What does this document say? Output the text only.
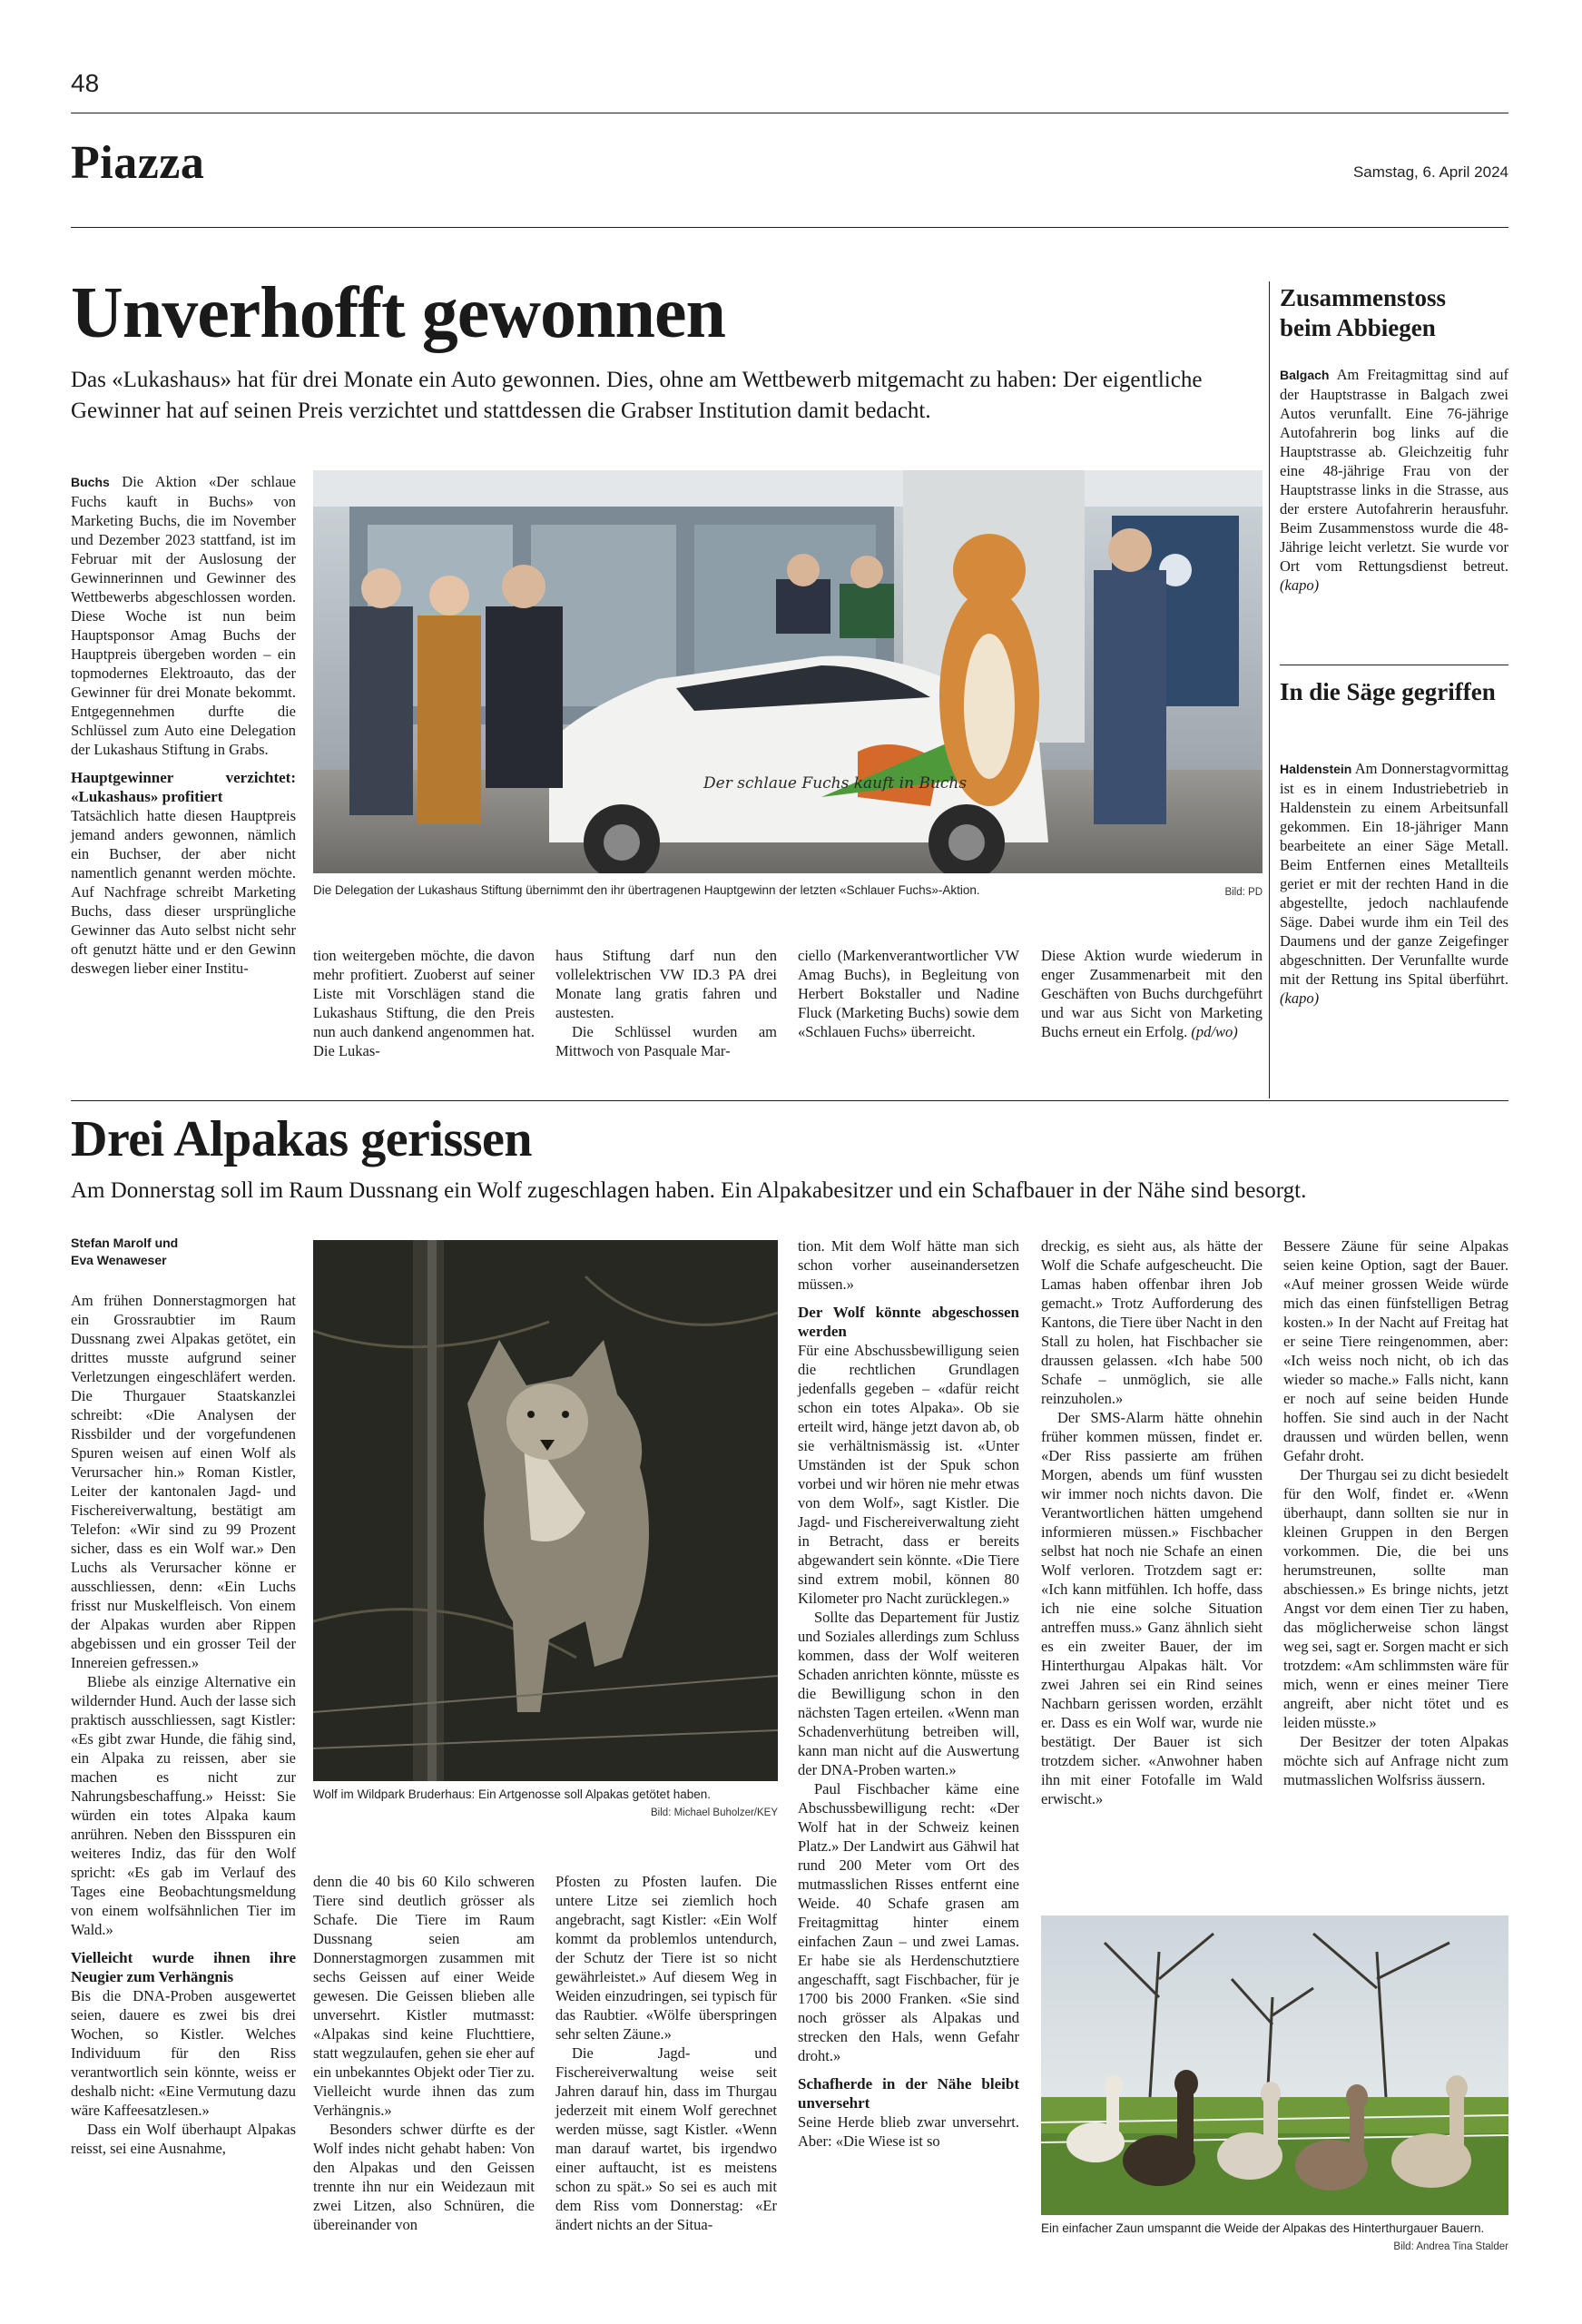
48
Piazza	Samstag, 6. April 2024
Unverhofft gewonnen
Das «Lukashaus» hat für drei Monate ein Auto gewonnen. Dies, ohne am Wettbewerb mitgemacht zu haben: Der eigentliche Gewinner hat auf seinen Preis verzichtet und stattdessen die Grabser Institution damit bedacht.
Der schlaue Fuchs kauft in Buchs
Die Delegation der Lukashaus Stiftung übernimmt den ihr übertragenen Hauptgewinn der letzten «Schlauer Fuchs»-Aktion.	Bild: PD

Buchs Die Aktion «Der schlaue Fuchs kauft in Buchs» von Marketing Buchs, die im November und Dezember 2023 stattfand, ist im Februar mit der Auslosung der Gewinnerinnen und Gewinner des Wettbewerbs abgeschlossen worden. Diese Woche ist nun beim Hauptsponsor Amag Buchs der Hauptpreis übergeben worden – ein topmodernes Elektroauto, das der Gewinner für drei Monate bekommt. Entgegennehmen durfte die Schlüssel zum Auto eine Delegation der Lukashaus Stiftung in Grabs.

Hauptgewinner verzichtet: «Lukashaus» profitiert

Tatsächlich hatte diesen Hauptpreis jemand anders gewonnen, nämlich ein Buchser, der aber nicht namentlich genannt werden möchte. Auf Nachfrage schreibt Marketing Buchs, dass dieser ursprüngliche Gewinner das Auto selbst nicht sehr oft genutzt hätte und er den Gewinn deswegen lieber einer Institu-

tion weitergeben möchte, die davon mehr profitiert. Zuoberst auf seiner Liste mit Vorschlägen stand die Lukashaus Stiftung, die den Preis nun auch dankend angenommen hat. Die Lukas-

haus Stiftung darf nun den vollelektrischen VW ID.3 PA drei Monate lang gratis fahren und austesten.

Die Schlüssel wurden am Mittwoch von Pasquale Mar-

ciello (Markenverantwortlicher VW Amag Buchs), in Begleitung von Herbert Bokstaller und Nadine Fluck (Marketing Buchs) sowie dem «Schlauen Fuchs» überreicht.

Diese Aktion wurde wiederum in enger Zusammenarbeit mit den Geschäften von Buchs durchgeführt und war aus Sicht von Marketing Buchs erneut ein Erfolg. (pd/wo)

Zusammenstoss beim Abbiegen

Balgach Am Freitagmittag sind auf der Hauptstrasse in Balgach zwei Autos verunfallt. Eine 76-jährige Autofahrerin bog links auf die Hauptstrasse ab. Gleichzeitig fuhr eine 48-jährige Frau von der Hauptstrasse links in die Strasse, aus der erstere Autofahrerin herausfuhr. Beim Zusammenstoss wurde die 48-Jährige leicht verletzt. Sie wurde vor Ort vom Rettungsdienst betreut. (kapo)

In die Säge gegriffen

Haldenstein Am Donnerstagvormittag ist es in einem Industriebetrieb in Haldenstein zu einem Arbeitsunfall gekommen. Ein 18-jähriger Mann bearbeitete an einer Säge Metall. Beim Entfernen eines Metallteils geriet er mit der rechten Hand in die abgestellte, jedoch nachlaufende Säge. Dabei wurde ihm ein Teil des Daumens und der ganze Zeigefinger abgeschnitten. Der Verunfallte wurde mit der Rettung ins Spital überführt. (kapo)

Drei Alpakas gerissen
Am Donnerstag soll im Raum Dussnang ein Wolf zugeschlagen haben. Ein Alpakabesitzer und ein Schafbauer in der Nähe sind besorgt.
Stefan Marolf und
Eva Wenaweser
Wolf im Wildpark Bruderhaus: Ein Artgenosse soll Alpakas getötet haben.
Bild: Michael Buholzer/KEY

Am frühen Donnerstagmorgen hat ein Grossraubtier im Raum Dussnang zwei Alpakas getötet, ein drittes musste aufgrund seiner Verletzungen eingeschläfert werden. Die Thurgauer Staatskanzlei schreibt: «Die Analysen der Rissbilder und der vorgefundenen Spuren weisen auf einen Wolf als Verursacher hin.» Roman Kistler, Leiter der kantonalen Jagd- und Fischereiverwaltung, bestätigt am Telefon: «Wir sind zu 99 Prozent sicher, dass es ein Wolf war.» Den Luchs als Verursacher könne er ausschliessen, denn: «Ein Luchs frisst nur Muskelfleisch. Von einem der Alpakas wurden aber Rippen abgebissen und ein grosser Teil der Innereien gefressen.»

Bliebe als einzige Alternative ein wildernder Hund. Auch der lasse sich praktisch ausschliessen, sagt Kistler: «Es gibt zwar Hunde, die fähig sind, ein Alpaka zu reissen, aber sie machen es nicht zur Nahrungsbeschaffung.» Heisst: Sie würden ein totes Alpaka kaum anrühren. Neben den Bissspuren ein weiteres Indiz, das für den Wolf spricht: «Es gab im Verlauf des Tages eine Beobachtungsmeldung von einem wolfsähnlichen Tier im Wald.»

Vielleicht wurde ihnen ihre Neugier zum Verhängnis

Bis die DNA-Proben ausgewertet seien, dauere es zwei bis drei Wochen, so Kistler. Welches Individuum für den Riss verantwortlich sein könnte, weiss er deshalb nicht: «Eine Vermutung dazu wäre Kaffeesatzlesen.»

Dass ein Wolf überhaupt Alpakas reisst, sei eine Ausnahme,

denn die 40 bis 60 Kilo schweren Tiere sind deutlich grösser als Schafe. Die Tiere im Raum Dussnang seien am Donnerstagmorgen zusammen mit sechs Geissen auf einer Weide gewesen. Die Geissen blieben alle unversehrt. Kistler mutmasst: «Alpakas sind keine Fluchttiere, statt wegzulaufen, gehen sie eher auf ein unbekanntes Objekt oder Tier zu. Vielleicht wurde ihnen das zum Verhängnis.»

Besonders schwer dürfte es der Wolf indes nicht gehabt haben: Von den Alpakas und den Geissen trennte ihn nur ein Weidezaun mit zwei Litzen, also Schnüren, die übereinander von

Pfosten zu Pfosten laufen. Die untere Litze sei ziemlich hoch angebracht, sagt Kistler: «Ein Wolf kommt da problemlos untendurch, der Schutz der Tiere ist so nicht gewährleistet.» Auf diesem Weg in Weiden einzudringen, sei typisch für das Raubtier. «Wölfe überspringen sehr selten Zäune.»

Die Jagd- und Fischereiverwaltung weise seit Jahren darauf hin, dass im Thurgau jederzeit mit einem Wolf gerechnet werden müsse, sagt Kistler. «Wenn man darauf wartet, bis irgendwo einer auftaucht, ist es meistens schon zu spät.» So sei es auch mit dem Riss vom Donnerstag: «Er ändert nichts an der Situa-

tion. Mit dem Wolf hätte man sich schon vorher auseinandersetzen müssen.»

Der Wolf könnte abgeschossen werden

Für eine Abschussbewilligung seien die rechtlichen Grundlagen jedenfalls gegeben – «dafür reicht schon ein totes Alpaka». Ob sie erteilt wird, hänge jetzt davon ab, ob sie verhältnismässig ist. «Unter Umständen ist der Spuk schon vorbei und wir hören nie mehr etwas von dem Wolf», sagt Kistler. Die Jagd- und Fischereiverwaltung zieht in Betracht, dass er bereits abgewandert sein könnte. «Die Tiere sind extrem mobil, können 80 Kilometer pro Nacht zurücklegen.»

Sollte das Departement für Justiz und Soziales allerdings zum Schluss kommen, dass der Wolf weiteren Schaden anrichten könnte, müsste es die Bewilligung schon in den nächsten Tagen erteilen. «Wenn man Schadenverhütung betreiben will, kann man nicht auf die Auswertung der DNA-Proben warten.»

Paul Fischbacher käme eine Abschussbewilligung recht: «Der Wolf hat in der Schweiz keinen Platz.» Der Landwirt aus Gähwil hat rund 200 Meter vom Ort des mutmasslichen Risses entfernt eine Weide. 40 Schafe grasen am Freitagmittag hinter einem einfachen Zaun – und zwei Lamas. Er habe sie als Herdenschutztiere angeschafft, sagt Fischbacher, für je 1700 bis 2000 Franken. «Sie sind noch grösser als Alpakas und strecken den Hals, wenn Gefahr droht.»

Schafherde in der Nähe bleibt unversehrt

Seine Herde blieb zwar unversehrt. Aber: «Die Wiese ist so

dreckig, es sieht aus, als hätte der Wolf die Schafe aufgescheucht. Die Lamas haben offenbar ihren Job gemacht.» Trotz Aufforderung des Kantons, die Tiere über Nacht in den Stall zu holen, hat Fischbacher sie draussen gelassen. «Ich habe 500 Schafe – unmöglich, sie alle reinzuholen.»

Der SMS-Alarm hätte ohnehin früher kommen müssen, findet er. «Der Riss passierte am frühen Morgen, abends um fünf wussten wir immer noch nichts davon. Die Verantwortlichen hätten umgehend informieren müssen.» Fischbacher selbst hat noch nie Schafe an einen Wolf verloren. Trotzdem sagt er: «Ich kann mitfühlen. Ich hoffe, dass ich nie eine solche Situation antreffen muss.» Ganz ähnlich sieht es ein zweiter Bauer, der im Hinterthurgau Alpakas hält. Vor zwei Jahren sei ein Rind seines Nachbarn gerissen worden, erzählt er. Dass es ein Wolf war, wurde nie bestätigt. Der Bauer ist sich trotzdem sicher. «Anwohner haben ihn mit einer Fotofalle im Wald erwischt.»

Bessere Zäune für seine Alpakas seien keine Option, sagt der Bauer. «Auf meiner grossen Weide würde mich das einen fünfstelligen Betrag kosten.» In der Nacht auf Freitag hat er seine Tiere reingenommen, aber: «Ich weiss noch nicht, ob ich das wieder so mache.» Falls nicht, kann er noch auf seine beiden Hunde hoffen. Sie sind auch in der Nacht draussen und würden bellen, wenn Gefahr droht.

Der Thurgau sei zu dicht besiedelt für den Wolf, findet er. «Wenn überhaupt, dann sollten sie nur in kleinen Gruppen in den Bergen vorkommen. Die, die bei uns herumstreunen, sollte man abschiessen.» Es bringe nichts, jetzt Angst vor dem einen Tier zu haben, das möglicherweise schon längst weg sei, sagt er. Sorgen macht er sich trotzdem: «Am schlimmsten wäre für mich, wenn er eines meiner Tiere angreift, aber nicht tötet und es leiden müsste.»

Der Besitzer der toten Alpakas möchte sich auf Anfrage nicht zum mutmasslichen Wolfsriss äussern.

Ein einfacher Zaun umspannt die Weide der Alpakas des Hinterthurgauer Bauern.
Bild: Andrea Tina Stalder
